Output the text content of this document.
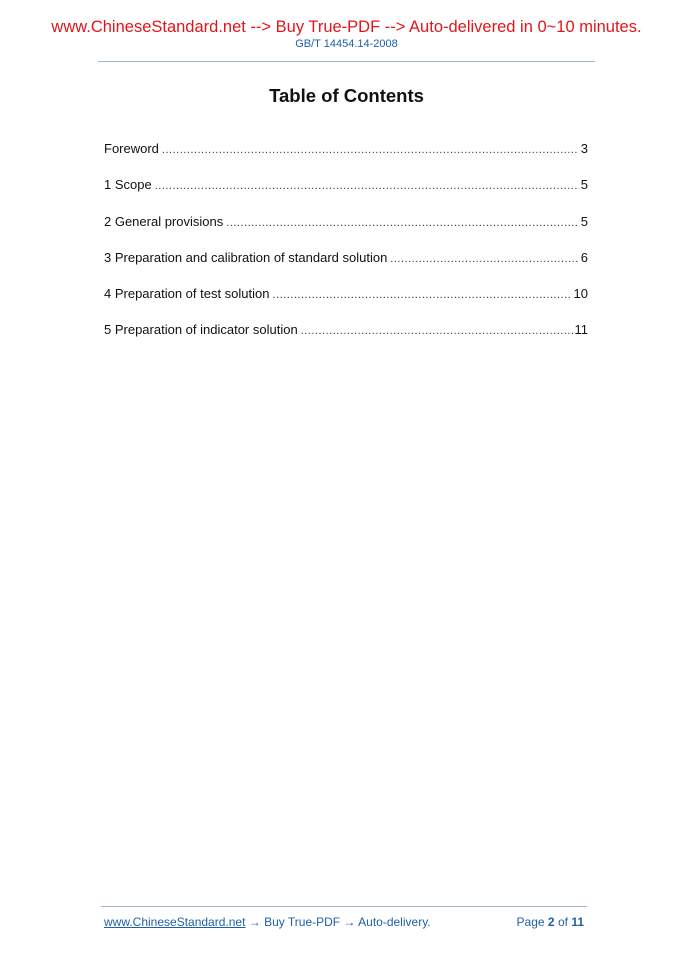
www.ChineseStandard.net --> Buy True-PDF --> Auto-delivered in 0~10 minutes.
GB/T 14454.14-2008
Table of Contents
Foreword .....	3
1 Scope .....	5
2 General provisions .....	5
3 Preparation and calibration of standard solution .....	6
4 Preparation of test solution .....	10
5 Preparation of indicator solution .....	11
www.ChineseStandard.net → Buy True-PDF → Auto-delivery.	Page 2 of 11
